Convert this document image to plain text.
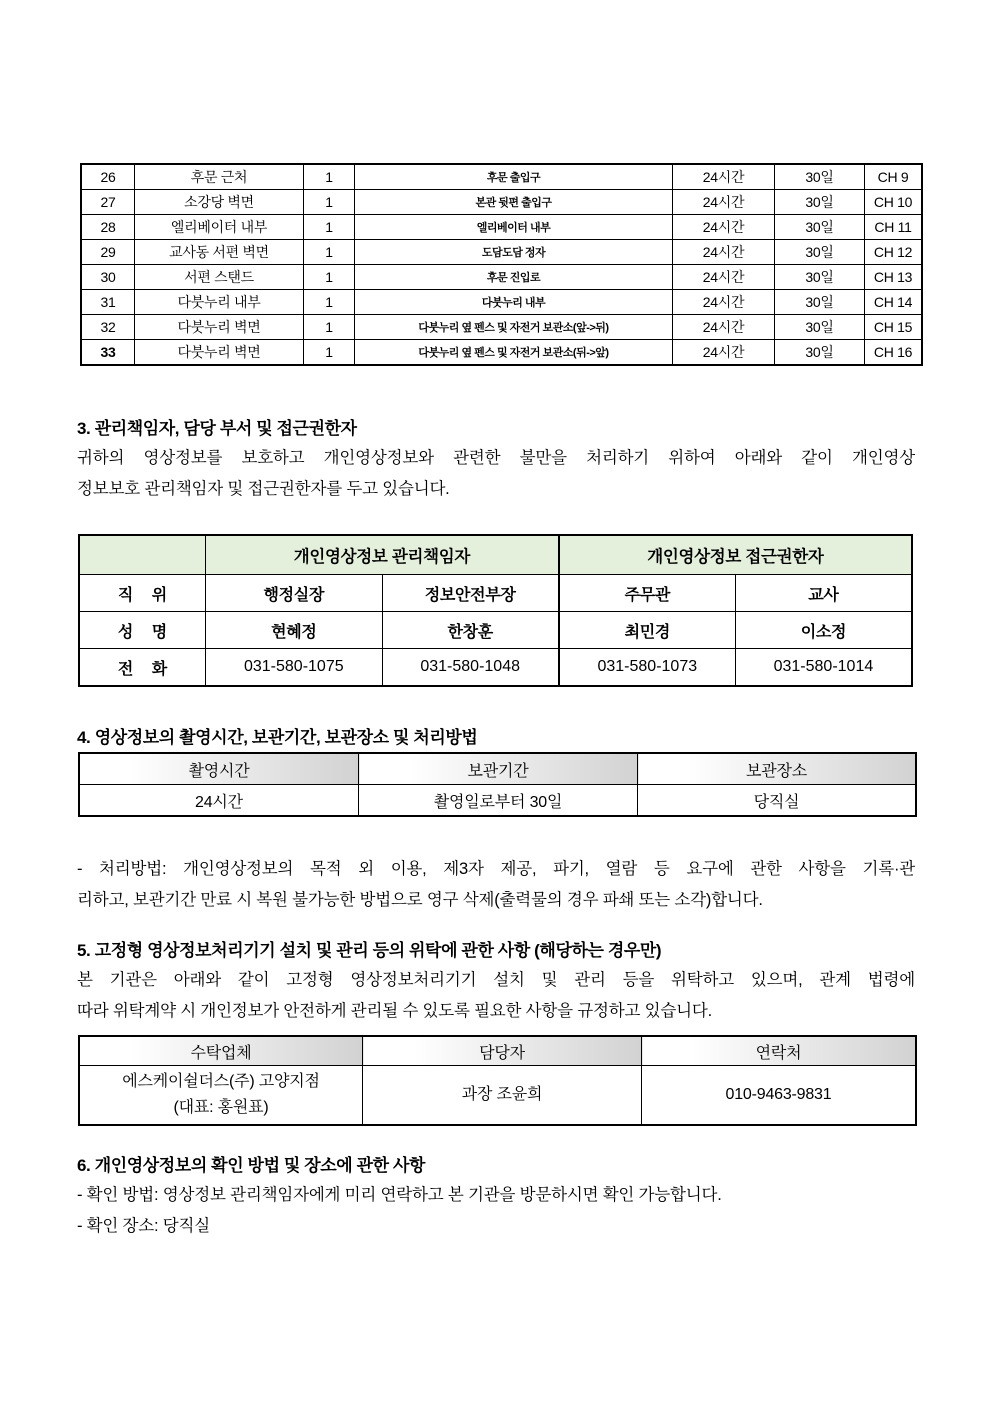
26	후문 근처	1	후문 출입구	24시간	30일	CH 9
27	소강당 벽면	1	본관 뒷편 출입구	24시간	30일	CH 10
28	엘리베이터 내부	1	엘리베이터 내부	24시간	30일	CH 11
29	교사동 서편 벽면	1	도담도담 정자	24시간	30일	CH 12
30	서편 스탠드	1	후문 진입로	24시간	30일	CH 13
31	다붓누리 내부	1	다붓누리 내부	24시간	30일	CH 14
32	다붓누리 벽면	1	다붓누리 옆 펜스 및 자전거 보관소(앞->뒤)	24시간	30일	CH 15
33	다붓누리 벽면	1	다붓누리 옆 펜스 및 자전거 보관소(뒤->앞)	24시간	30일	CH 16
3. 관리책임자, 담당 부서 및 접근권한자

귀하의 영상정보를 보호하고 개인영상정보와 관련한 불만을 처리하기 위하여 아래와 같이 개인영상

정보보호 관리책임자 및 접근권한자를 두고 있습니다.

	개인영상정보 관리책임자		개인영상정보 접근권한자	
직 위	행정실장	정보안전부장	주무관	교사
성 명	현혜정	한창훈	최민경	이소정
전 화	031-580-1075	031-580-1048	031-580-1073	031-580-1014
4. 영상정보의 촬영시간, 보관기간, 보관장소 및 처리방법
촬영시간	보관기간	보관장소
24시간	촬영일로부터 30일	당직실

- 처리방법: 개인영상정보의 목적 외 이용, 제3자 제공, 파기, 열람 등 요구에 관한 사항을 기록·관

리하고, 보관기간 만료 시 복원 불가능한 방법으로 영구 삭제(출력물의 경우 파쇄 또는 소각)합니다.

5. 고정형 영상정보처리기기 설치 및 관리 등의 위탁에 관한 사항 (해당하는 경우만)

본 기관은 아래와 같이 고정형 영상정보처리기기 설치 및 관리 등을 위탁하고 있으며, 관계 법령에

따라 위탁계약 시 개인정보가 안전하게 관리될 수 있도록 필요한 사항을 규정하고 있습니다.

수탁업체	담당자	연락처

에스케이쉴더스(주) 고양지점
(대표: 홍원표)	과장 조윤희	010-9463-9831
6. 개인영상정보의 확인 방법 및 장소에 관한 사항

- 확인 방법: 영상정보 관리책임자에게 미리 연락하고 본 기관을 방문하시면 확인 가능합니다.

- 확인 장소: 당직실
